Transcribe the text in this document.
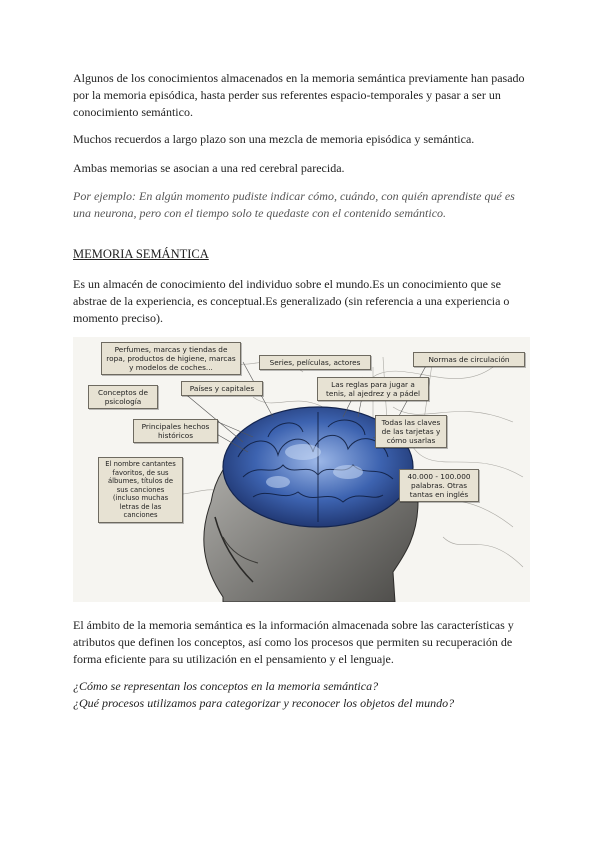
Algunos de los conocimientos almacenados en la memoria semántica previamente han pasado por la memoria episódica, hasta perder sus referentes espacio-temporales y pasar a ser un conocimiento semántico.

Muchos recuerdos a largo plazo son una mezcla de memoria episódica y semántica.

Ambas memorias se asocian a una red cerebral parecida.

Por ejemplo: En algún momento pudiste indicar cómo, cuándo, con quién aprendiste qué es una neurona, pero con el tiempo solo te quedaste con el contenido semántico.

MEMORIA SEMÁNTICA

Es un almacén de conocimiento del individuo sobre el mundo.Es un conocimiento que se abstrae de la experiencia, es conceptual.Es generalizado (sin referencia a una experiencia o momento preciso).

Perfumes, marcas y tiendas de ropa, productos de higiene, marcas y modelos de coches...
Series, películas, actores	Normas de circulación
Conceptos de psicología
Países y capitales	Las reglas para jugar a tenis, al ajedrez y a pádel
Principales hechos históricos
Todas las claves de las tarjetas y cómo usarlas
El nombre cantantes favoritos, de sus álbumes, títulos de sus canciones (incluso muchas letras de las canciones
40.000 - 100.000 palabras. Otras tantas en inglés

El ámbito de la memoria semántica es la información almacenada sobre las características y atributos que definen los conceptos, así como los procesos que permiten su recuperación de forma eficiente para su utilización en el pensamiento y el lenguaje.

¿Cómo se representan los conceptos en la memoria semántica?

¿Qué procesos utilizamos para categorizar y reconocer los objetos del mundo?
